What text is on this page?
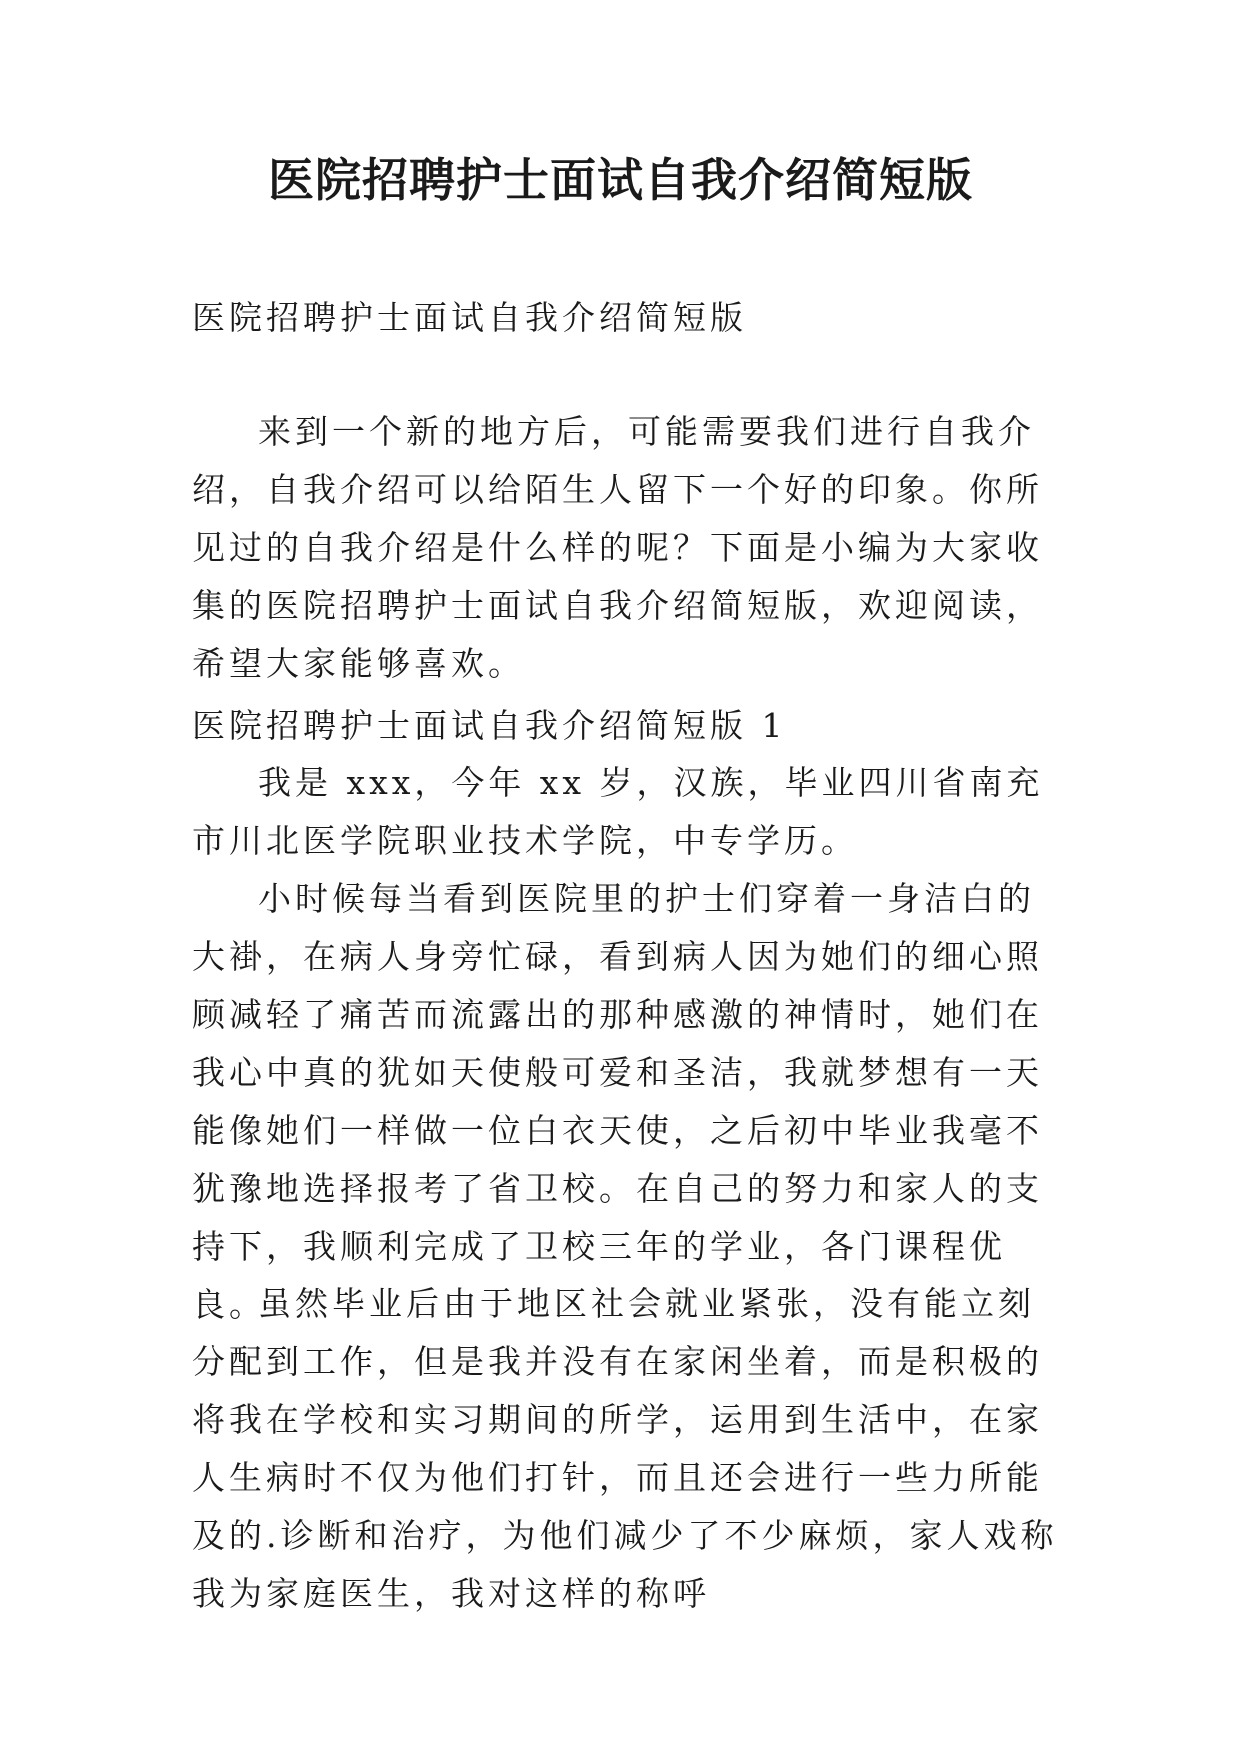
医院招聘护士面试自我介绍简短版

医院招聘护士面试自我介绍简短版

来到一个新的地方后，可能需要我们进行自我介绍，自我介绍可以给陌生人留下一个好的印象。你所见过的自我介绍是什么样的呢？下面是小编为大家收集的医院招聘护士面试自我介绍简短版，欢迎阅读，希望大家能够喜欢。

医院招聘护士面试自我介绍简短版 1

我是 xxx，今年 xx 岁，汉族，毕业四川省南充市川北医学院职业技术学院，中专学历。

小时候每当看到医院里的护士们穿着一身洁白的大褂，在病人身旁忙碌，看到病人因为她们的细心照顾减轻了痛苦而流露出的那种感激的神情时，她们在我心中真的犹如天使般可爱和圣洁，我就梦想有一天能像她们一样做一位白衣天使，之后初中毕业我毫不犹豫地选择报考了省卫校。在自己的努力和家人的支持下，我顺利完成了卫校三年的学业，各门课程优良。

虽然毕业后由于地区社会就业紧张，没有能立刻分配到工作，但是我并没有在家闲坐着，而是积极的将我在学校和实习期间的所学，运用到生活中，在家人生病时不仅为他们打针，而且还会进行一些力所能及的.诊断和治疗，为他们减少了不少麻烦，家人戏称我为家庭医生，我对这样的称呼
